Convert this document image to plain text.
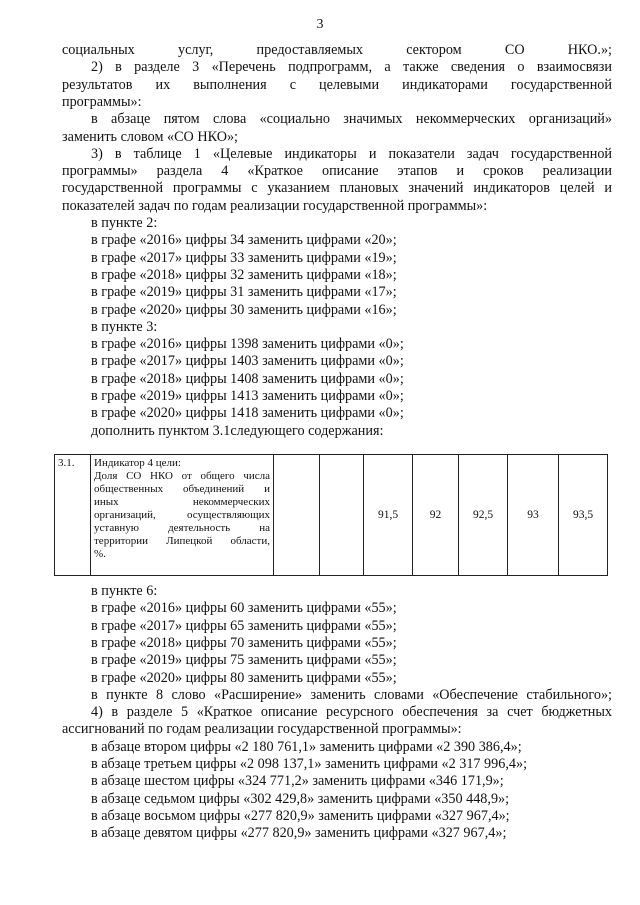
3
социальных услуг, предоставляемых сектором СО НКО.»;
2) в разделе 3 «Перечень подпрограмм, а также сведения о взаимосвязи
результатов их выполнения с целевыми индикаторами государственной
программы»:
в абзаце пятом слова «социально значимых некоммерческих организаций»
заменить словом «СО НКО»;
3) в таблице 1 «Целевые индикаторы и показатели задач государственной
программы» раздела 4 «Краткое описание этапов и сроков реализации
государственной программы с указанием плановых значений индикаторов целей и
показателей задач по годам реализации государственной программы»:
в пункте 2:
в графе «2016» цифры 34 заменить цифрами «20»;
в графе «2017» цифры 33 заменить цифрами «19»;
в графе «2018» цифры 32 заменить цифрами «18»;
в графе «2019» цифры 31 заменить цифрами «17»;
в графе «2020» цифры 30 заменить цифрами «16»;
в пункте 3:
в графе «2016» цифры 1398 заменить цифрами «0»;
в графе «2017» цифры 1403 заменить цифрами «0»;
в графе «2018» цифры 1408 заменить цифрами «0»;
в графе «2019» цифры 1413 заменить цифрами «0»;
в графе «2020» цифры 1418 заменить цифрами «0»;
дополнить пунктом 3.1следующего содержания:
3.1.	Индикатор 4 цели:
Доля СО НКО от общего числа
общественных объединений и
иных некоммерческих
организаций, осуществляющих
уставную деятельность на
территории Липецкой области,
%.
			91,5	92	92,5	93	93,5
в пункте 6:
в графе «2016» цифры 60 заменить цифрами «55»;
в графе «2017» цифры 65 заменить цифрами «55»;
в графе «2018» цифры 70 заменить цифрами «55»;
в графе «2019» цифры 75 заменить цифрами «55»;
в графе «2020» цифры 80 заменить цифрами «55»;
в пункте 8 слово «Расширение» заменить словами «Обеспечение стабильного»;
4) в разделе 5 «Краткое описание ресурсного обеспечения за счет бюджетных
ассигнований по годам реализации государственной программы»:
в абзаце втором цифры «2 180 761,1» заменить цифрами «2 390 386,4»;
в абзаце третьем цифры «2 098 137,1» заменить цифрами «2 317 996,4»;
в абзаце шестом цифры «324 771,2» заменить цифрами «346 171,9»;
в абзаце седьмом цифры «302 429,8» заменить цифрами «350 448,9»;
в абзаце восьмом цифры «277 820,9» заменить цифрами «327 967,4»;
в абзаце девятом цифры «277 820,9» заменить цифрами «327 967,4»;
